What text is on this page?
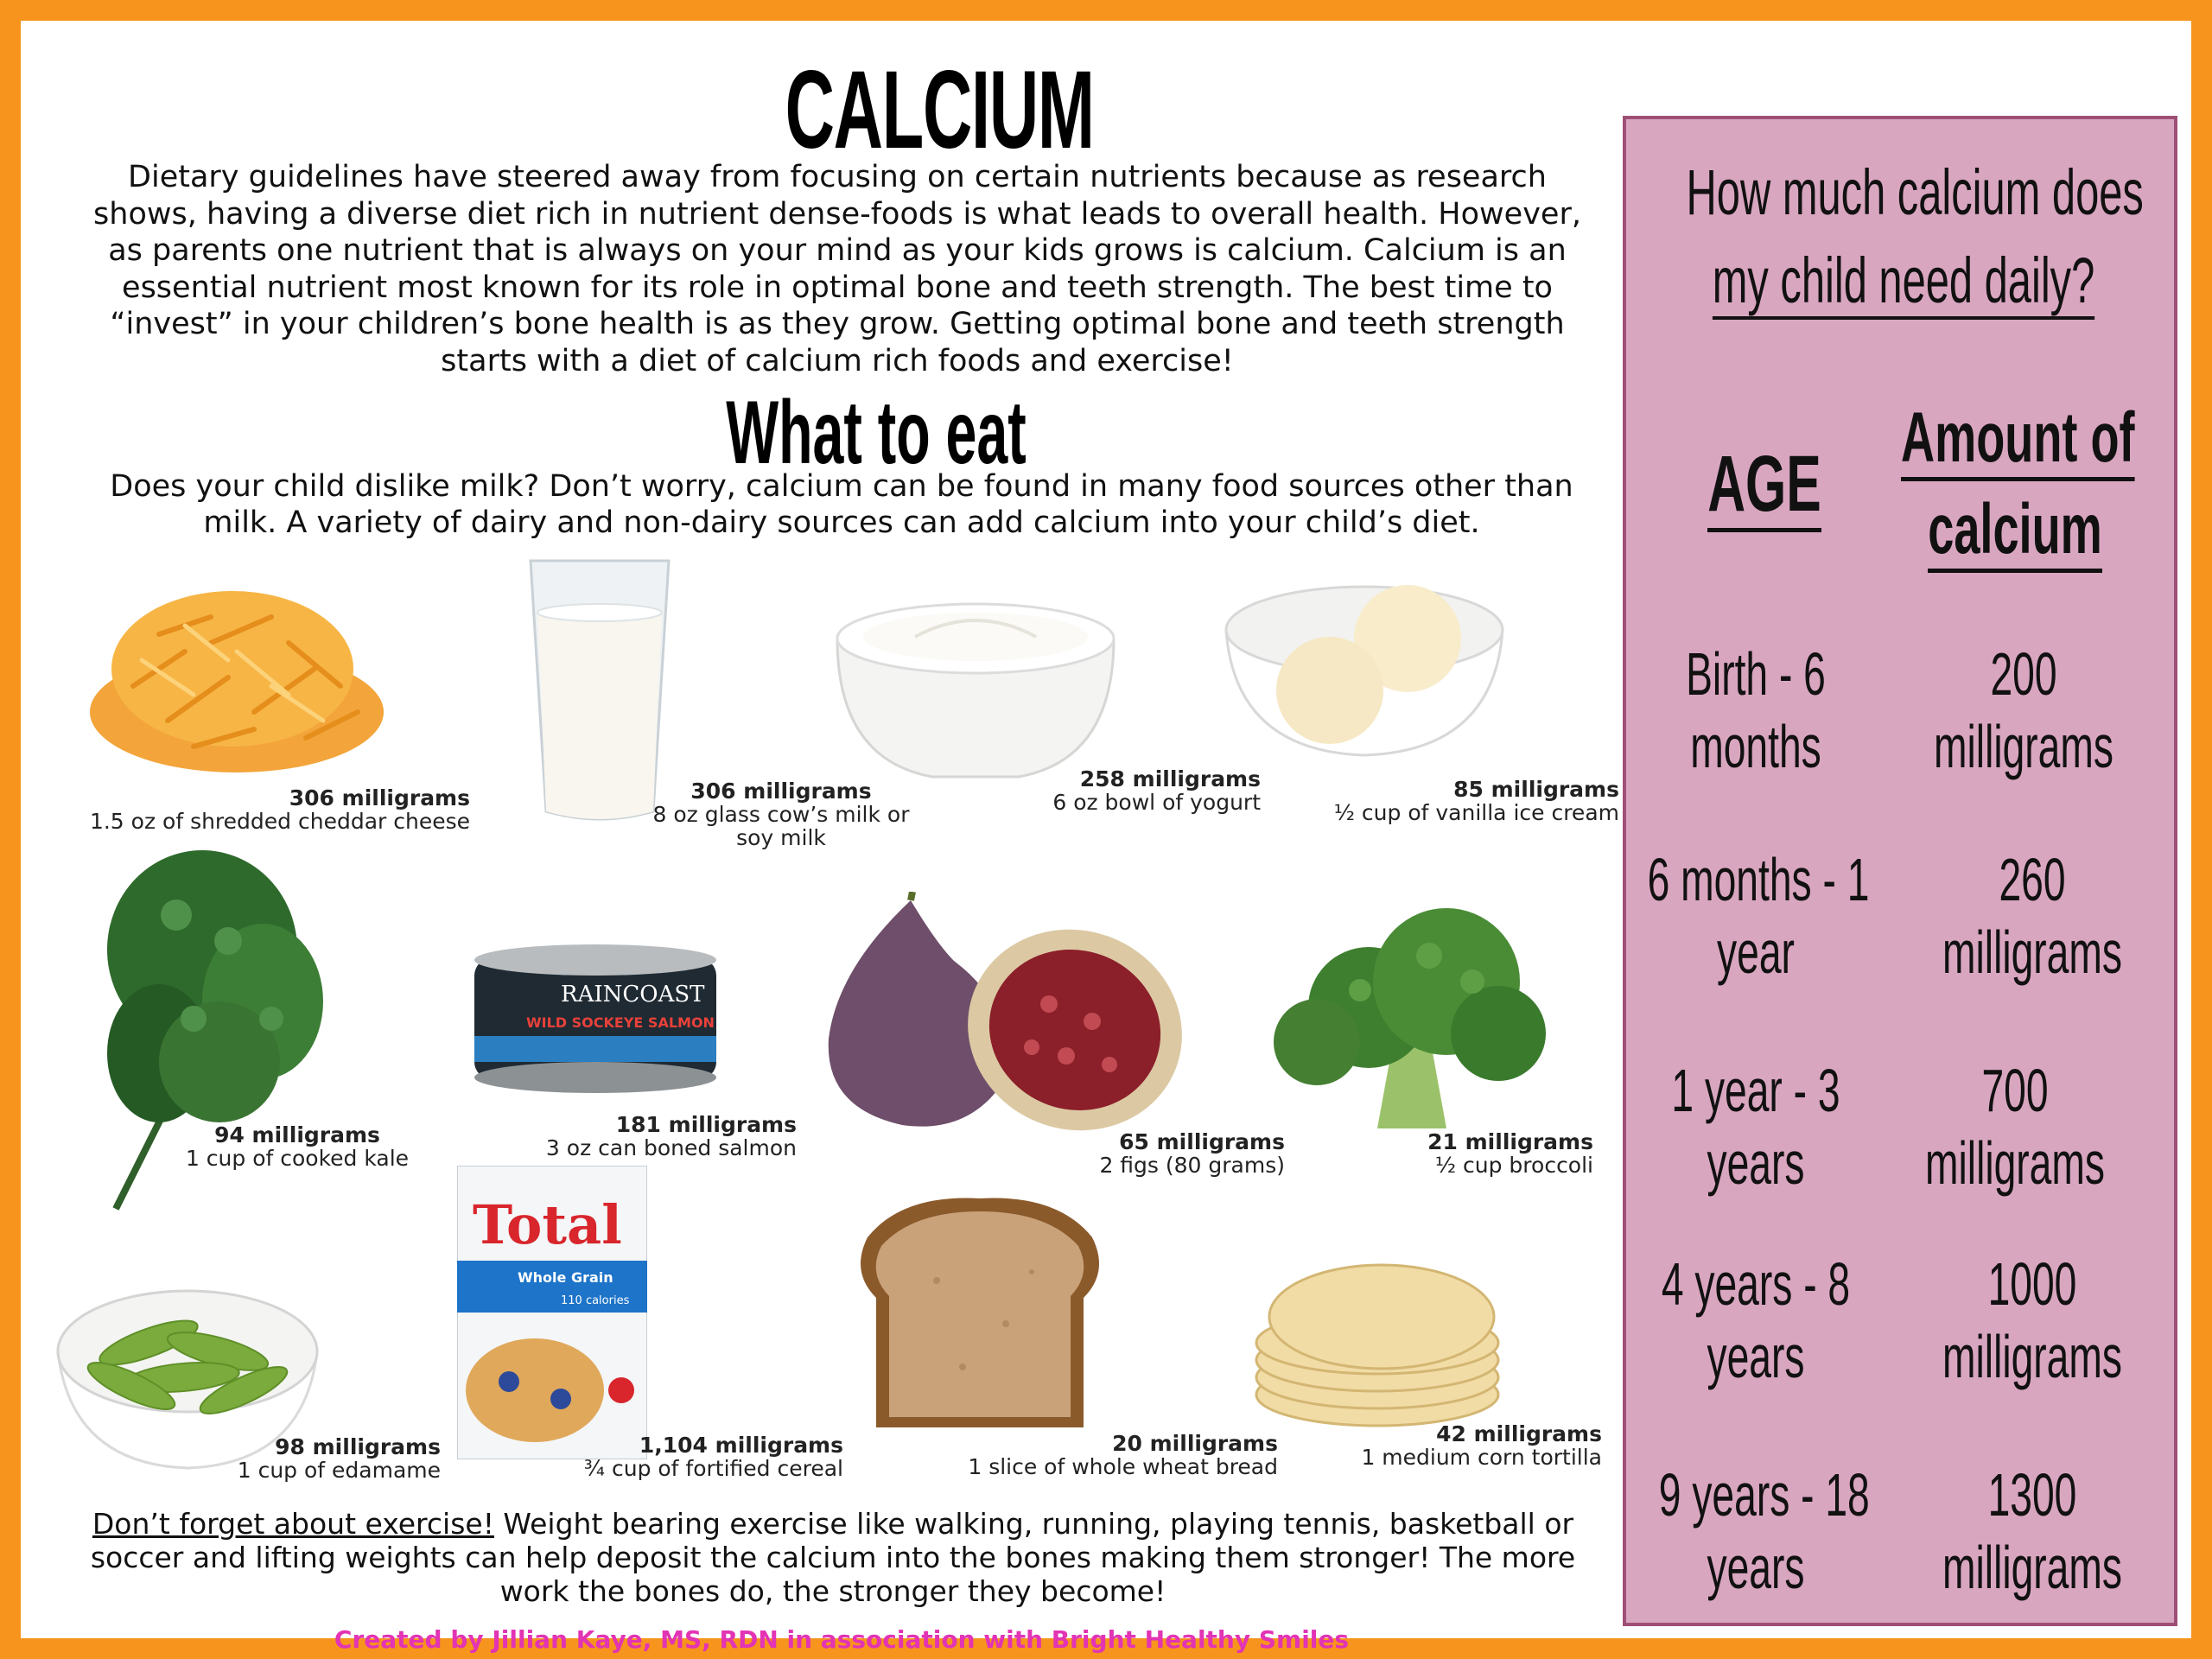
CALCIUM
Dietary guidelines have steered away from focusing on certain nutrients because as research shows, having a diverse diet rich in nutrient dense-foods is what leads to overall health. However, as parents one nutrient that is always on your mind as your kids grows is calcium. Calcium is an essential nutrient most known for its role in optimal bone and teeth strength. The best time to “invest” in your children’s bone health is as they grow. Getting optimal bone and teeth strength starts with a diet of calcium rich foods and exercise!
What to eat
Does your child dislike milk? Don’t worry, calcium can be found in many food sources other than milk. A variety of dairy and non-dairy sources can add calcium into your child’s diet.
306 milligrams
1.5 oz of shredded cheddar cheese
306 milligrams
8 oz glass cow’s milk or soy milk
258 milligrams
6 oz bowl of yogurt
85 milligrams
½ cup of vanilla ice cream
94 milligrams
1 cup of cooked kale
RAINCOAST
WILD SOCKEYE SALMON
181 milligrams
3 oz can boned salmon	65 milligrams
2 figs (80 grams)
21 milligrams
½ cup broccoli
98 milligrams
1 cup of edamame
Total
Whole Grain
110 calories
1,104 milligrams
¾ cup of fortified cereal
20 milligrams
1 slice of whole wheat bread
42 milligrams
1 medium corn tortilla
Don’t forget about exercise! Weight bearing exercise like walking, running, playing tennis, basketball or soccer and lifting weights can help deposit the calcium into the bones making them stronger! The more work the bones do, the stronger they become!
Created by Jillian Kaye, MS, RDN in association with Bright Healthy Smiles
How much calcium does
my child need daily?
AGE
Amount of
calcium
Birth - 6
months
200
milligrams
6 months - 1
year
260
milligrams
1 year - 3
years
700
milligrams
4 years - 8
years
1000
milligrams
9 years - 18
years
1300
milligrams
